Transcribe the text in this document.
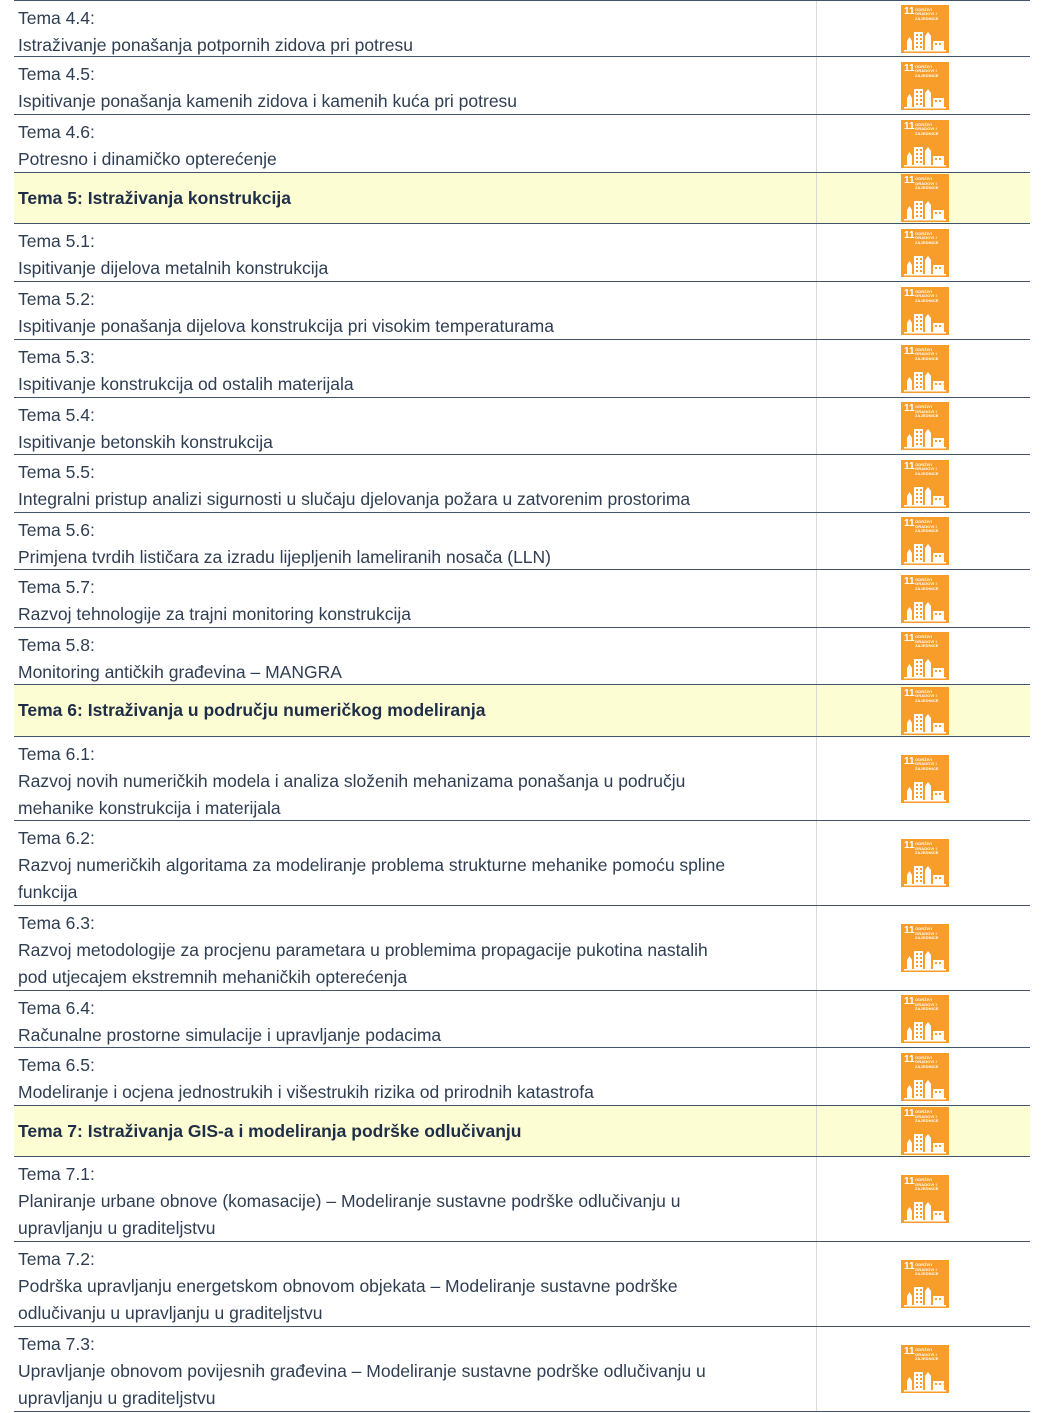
Tema 4.4:
Istraživanje ponašanja potpornih zidova pri potresu
11 ODRŽIVI GRADOVI I ZAJEDNICE
Tema 4.5:
Ispitivanje ponašanja kamenih zidova i kamenih kuća pri potresu
11 ODRŽIVI GRADOVI I ZAJEDNICE
Tema 4.6:
Potresno i dinamičko opterećenje
11 ODRŽIVI GRADOVI I ZAJEDNICE
Tema 5: Istraživanja konstrukcija
11 ODRŽIVI GRADOVI I ZAJEDNICE
Tema 5.1:
Ispitivanje dijelova metalnih konstrukcija
11 ODRŽIVI GRADOVI I ZAJEDNICE
Tema 5.2:
Ispitivanje ponašanja dijelova konstrukcija pri visokim temperaturama
11 ODRŽIVI GRADOVI I ZAJEDNICE
Tema 5.3:
Ispitivanje konstrukcija od ostalih materijala
11 ODRŽIVI GRADOVI I ZAJEDNICE
Tema 5.4:
Ispitivanje betonskih konstrukcija
11 ODRŽIVI GRADOVI I ZAJEDNICE
Tema 5.5:
Integralni pristup analizi sigurnosti u slučaju djelovanja požara u zatvorenim prostorima
11 ODRŽIVI GRADOVI I ZAJEDNICE
Tema 5.6:
Primjena tvrdih lističara za izradu lijepljenih lameliranih nosača (LLN)
11 ODRŽIVI GRADOVI I ZAJEDNICE
Tema 5.7:
Razvoj tehnologije za trajni monitoring konstrukcija
11 ODRŽIVI GRADOVI I ZAJEDNICE
Tema 5.8:
Monitoring antičkih građevina – MANGRA
11 ODRŽIVI GRADOVI I ZAJEDNICE
Tema 6: Istraživanja u području numeričkog modeliranja
11 ODRŽIVI GRADOVI I ZAJEDNICE
Tema 6.1:
Razvoj novih numeričkih modela i analiza složenih mehanizama ponašanja u području
mehanike konstrukcija i materijala
11 ODRŽIVI GRADOVI I ZAJEDNICE
Tema 6.2:
Razvoj numeričkih algoritama za modeliranje problema strukturne mehanike pomoću spline
funkcija
11 ODRŽIVI GRADOVI I ZAJEDNICE
Tema 6.3:
Razvoj metodologije za procjenu parametara u problemima propagacije pukotina nastalih
pod utjecajem ekstremnih mehaničkih opterećenja
11 ODRŽIVI GRADOVI I ZAJEDNICE
Tema 6.4:
Računalne prostorne simulacije i upravljanje podacima
11 ODRŽIVI GRADOVI I ZAJEDNICE
Tema 6.5:
Modeliranje i ocjena jednostrukih i višestrukih rizika od prirodnih katastrofa
11 ODRŽIVI GRADOVI I ZAJEDNICE
Tema 7: Istraživanja GIS-a i modeliranja podrške odlučivanju
11 ODRŽIVI GRADOVI I ZAJEDNICE
Tema 7.1:
Planiranje urbane obnove (komasacije) – Modeliranje sustavne podrške odlučivanju u
upravljanju u graditeljstvu
11 ODRŽIVI GRADOVI I ZAJEDNICE
Tema 7.2:
Podrška upravljanju energetskom obnovom objekata – Modeliranje sustavne podrške
odlučivanju u upravljanju u graditeljstvu
11 ODRŽIVI GRADOVI I ZAJEDNICE
Tema 7.3:
Upravljanje obnovom povijesnih građevina – Modeliranje sustavne podrške odlučivanju u
upravljanju u graditeljstvu
11 ODRŽIVI GRADOVI I ZAJEDNICE
